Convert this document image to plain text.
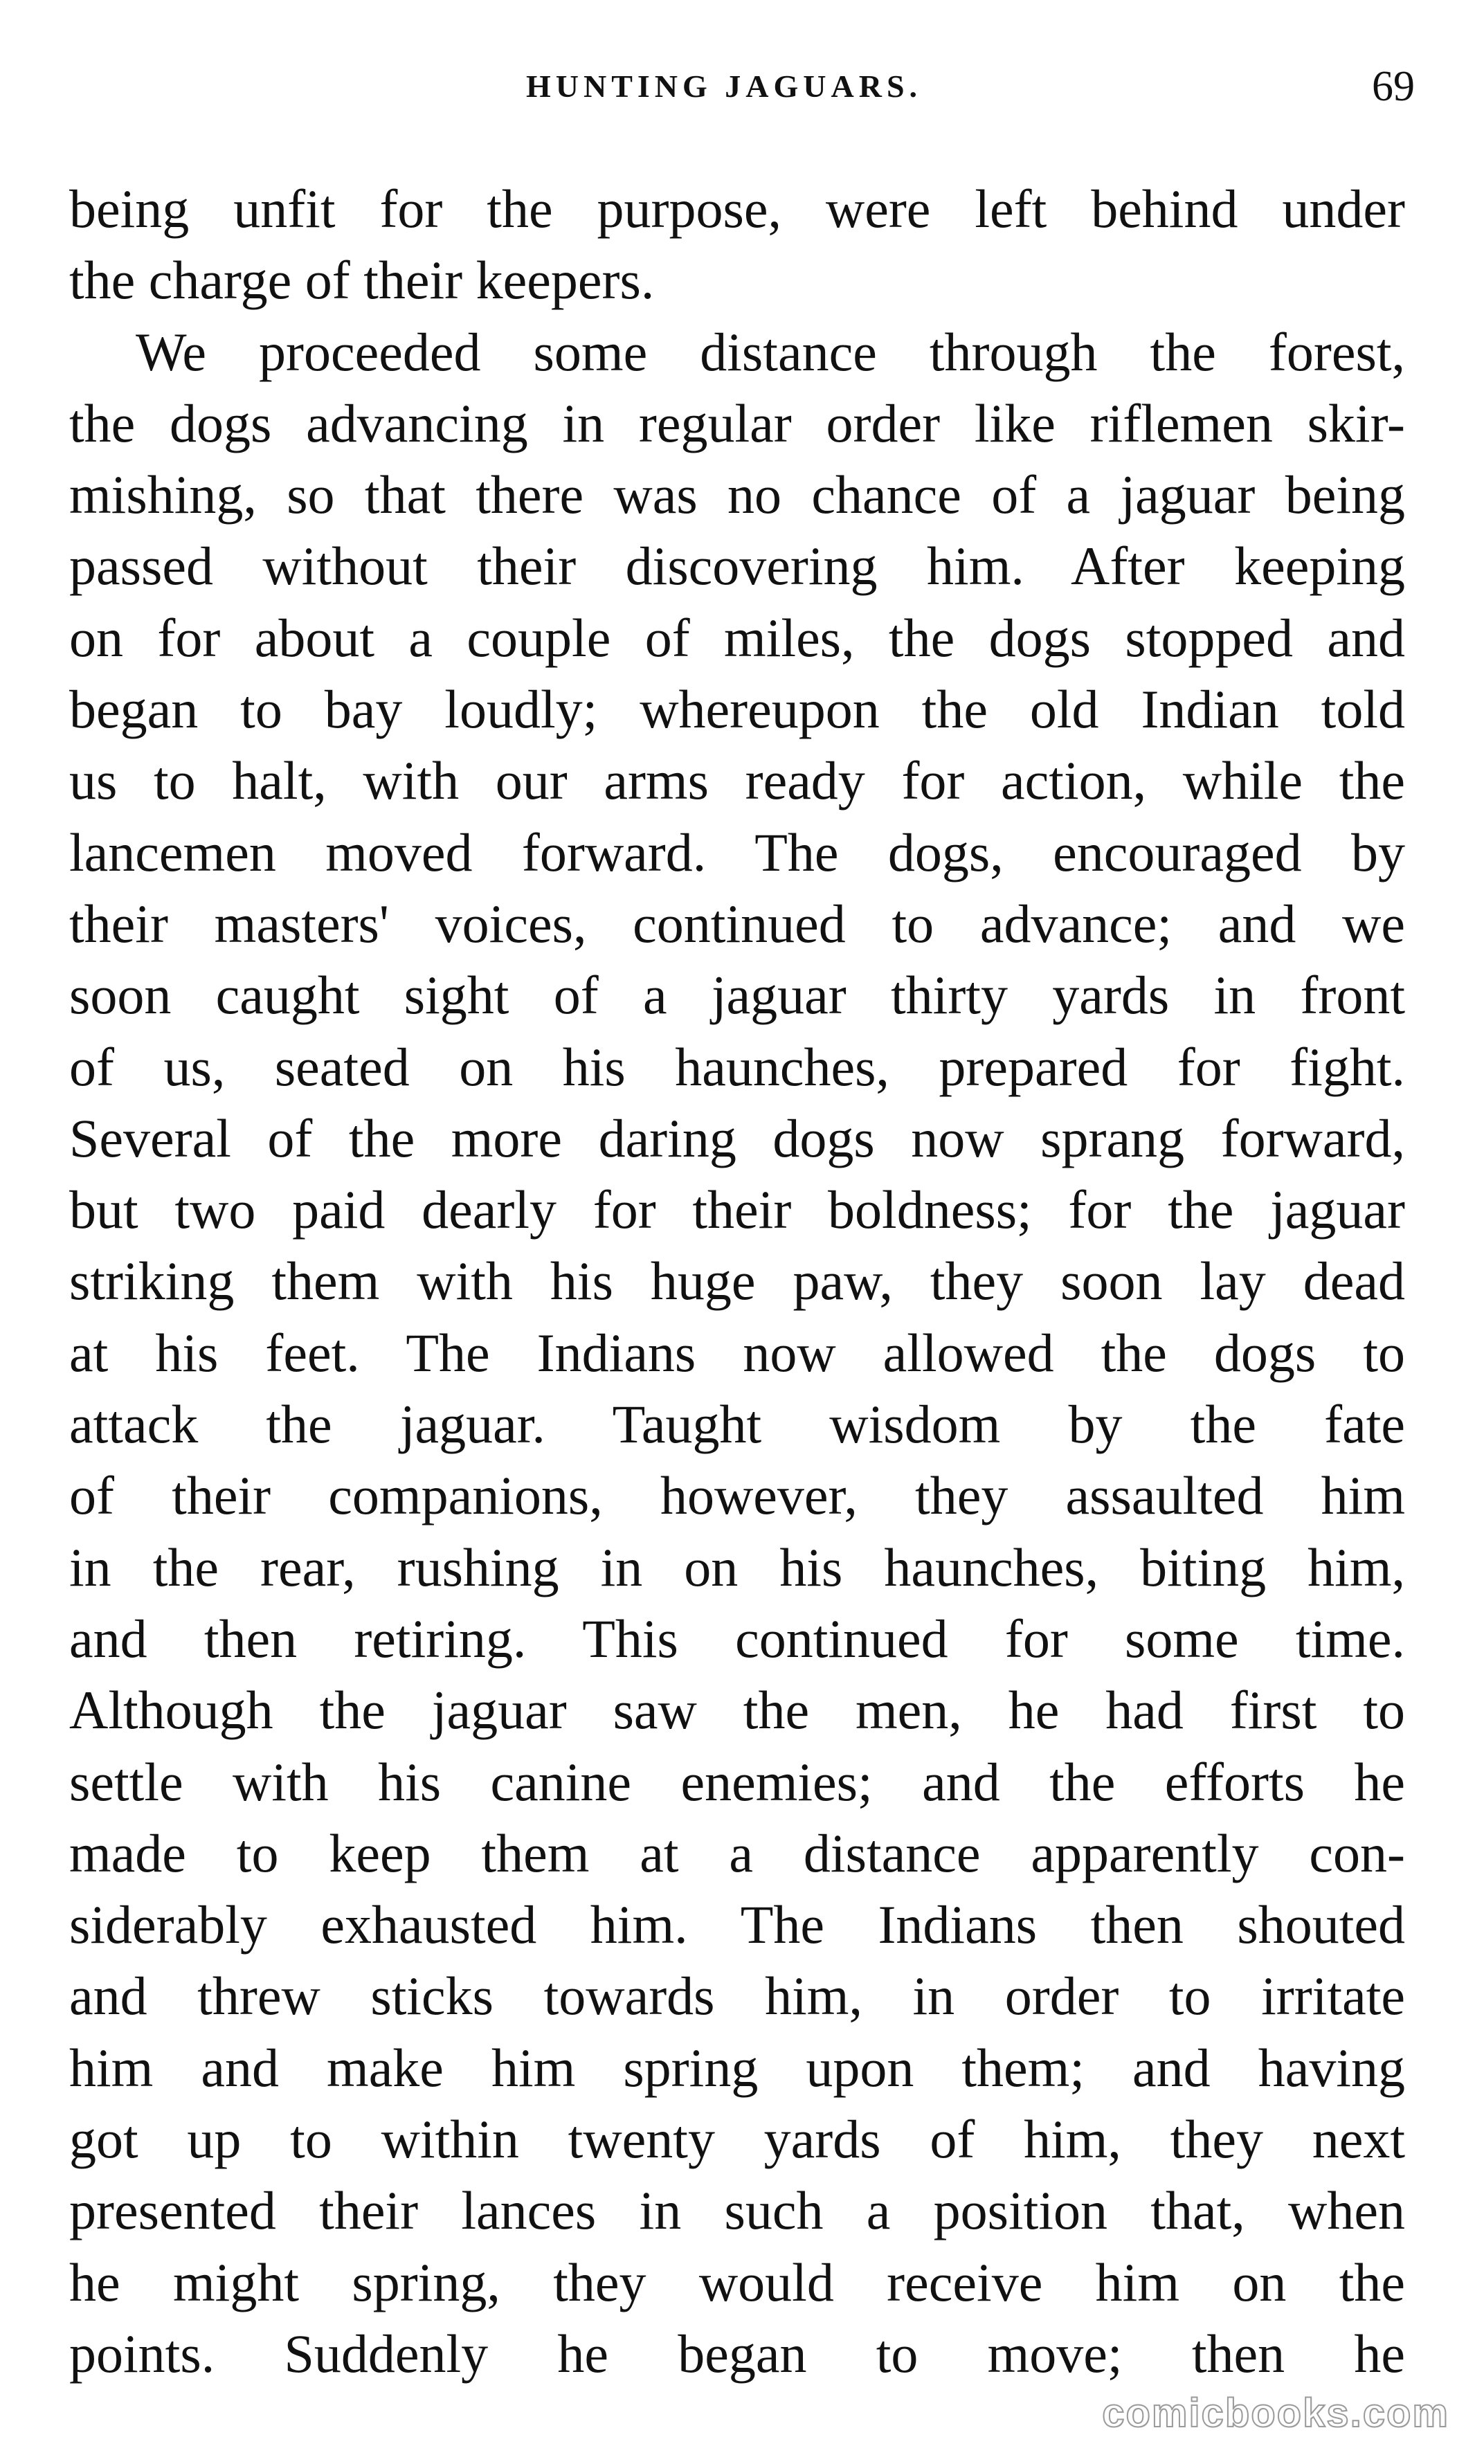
HUNTING JAGUARS.	69
being unfit for the purpose, were left behind under
the charge of their keepers.
We proceeded some distance through the forest,
the dogs advancing in regular order like riflemen skir-
mishing, so that there was no chance of a jaguar being
passed without their discovering him. After keeping
on for about a couple of miles, the dogs stopped and
began to bay loudly; whereupon the old Indian told
us to halt, with our arms ready for action, while the
lancemen moved forward. The dogs, encouraged by
their masters' voices, continued to advance; and we
soon caught sight of a jaguar thirty yards in front
of us, seated on his haunches, prepared for fight.
Several of the more daring dogs now sprang forward,
but two paid dearly for their boldness; for the jaguar
striking them with his huge paw, they soon lay dead
at his feet. The Indians now allowed the dogs to
attack the jaguar. Taught wisdom by the fate
of their companions, however, they assaulted him
in the rear, rushing in on his haunches, biting him,
and then retiring. This continued for some time.
Although the jaguar saw the men, he had first to
settle with his canine enemies; and the efforts he
made to keep them at a distance apparently con-
siderably exhausted him. The Indians then shouted
and threw sticks towards him, in order to irritate
him and make him spring upon them; and having
got up to within twenty yards of him, they next
presented their lances in such a position that, when
he might spring, they would receive him on the
points. Suddenly he began to move; then he
comicbooks.com
